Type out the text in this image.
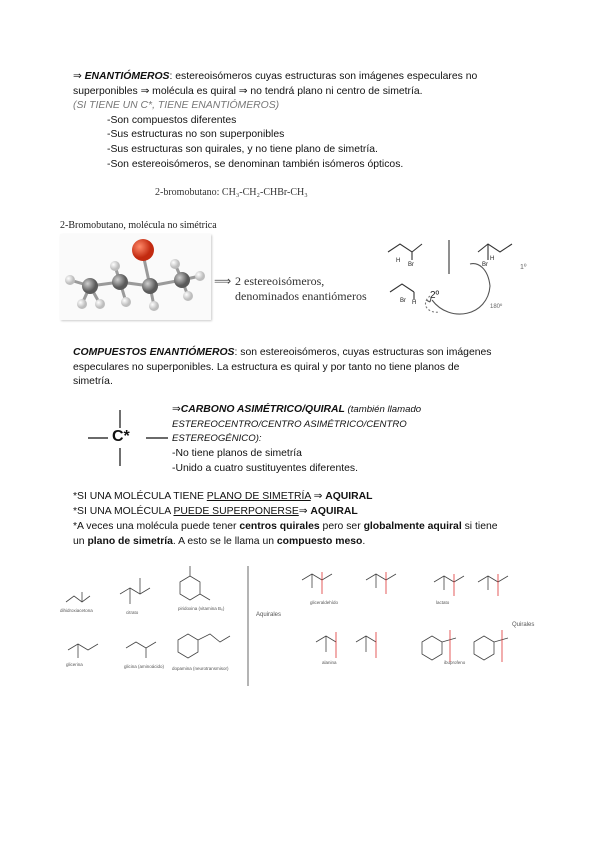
⇒ ENANTIÓMEROS: estereoisómeros cuyas estructuras son imágenes especulares no
superponibles ⇒ molécula es quiral ⇒ no tendrá plano ni centro de simetría.
(SI TIENE UN C*, TIENE ENANTIÓMEROS)
-Son compuestos diferentes
-Sus estructuras no son superponibles
-Sus estructuras son quirales, y no tiene plano de simetría.
-Son estereoisómeros, se denominan también isómeros ópticos.
2-bromobutano: CH₃-CH₂-CHBr-CH₃
2-Bromobutano, molécula no simétrica
⟹ 2 estereoisómeros,
denominados enantiómeros
H
Br
H
Br	1º
Br H
2º
180º
COMPUESTOS ENANTIÓMEROS: son estereoisómeros, cuyas estructuras son imágenes
especulares no superponibles. La estructura es quiral y por tanto no tiene planos de
simetría.
C*
⇒CARBONO ASIMÉTRICO/QUIRAL (también llamado
ESTEREOCENTRO/CENTRO ASIMÉTRICO/CENTRO
ESTEREOGÉNICO):
-No tiene planos de simetría
-Unido a cuatro sustituyentes diferentes.
*SI UNA MOLÉCULA TIENE PLANO DE SIMETRÍA ⇒ AQUIRAL
*SI UNA MOLÉCULA PUEDE SUPERPONERSE⇒ AQUIRAL
*A veces una molécula puede tener centros quirales pero ser globalmente aquiral si tiene
un plano de simetría. A esto se le llama un compuesto meso.
dihidroxiacetona	citrato
piridoxina (vitamina B₆)
glicerina	glicina (aminoácido) dopamina (neurotransmisor)
Aquirales
gliceraldehído	lactato
alanina	ibuprofeno
Quirales
